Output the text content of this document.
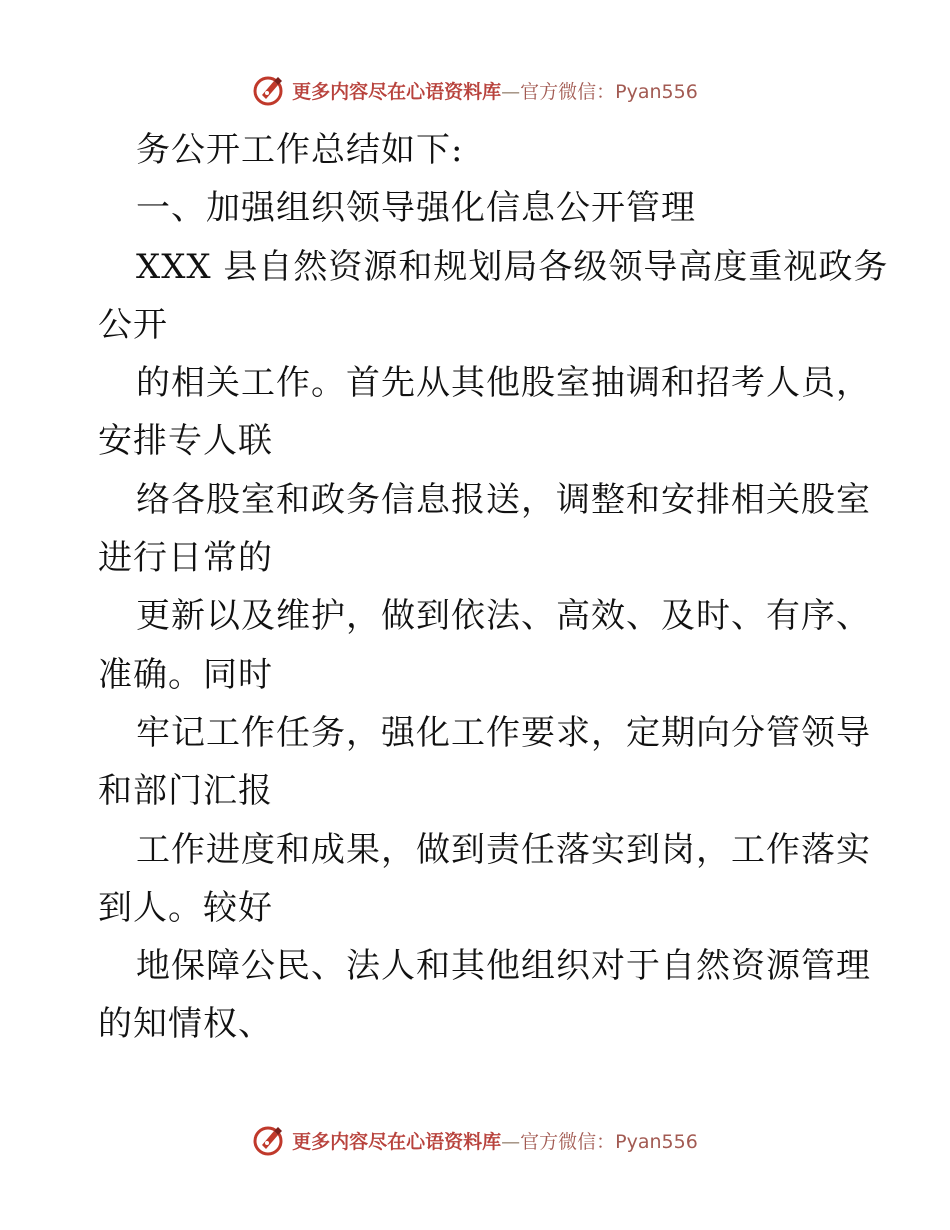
更多内容尽在心语资料库—官方微信：Pyan556
务公开工作总结如下:
一、加强组织领导强化信息公开管理
XXX 县自然资源和规划局各级领导高度重视政务
公开
的相关工作。首先从其他股室抽调和招考人员，
安排专人联
络各股室和政务信息报送，调整和安排相关股室
进行日常的
更新以及维护，做到依法、高效、及时、有序、
准确。同时
牢记工作任务，强化工作要求，定期向分管领导
和部门汇报
工作进度和成果，做到责任落实到岗，工作落实
到人。较好
地保障公民、法人和其他组织对于自然资源管理
的知情权、
更多内容尽在心语资料库—官方微信：Pyan556
